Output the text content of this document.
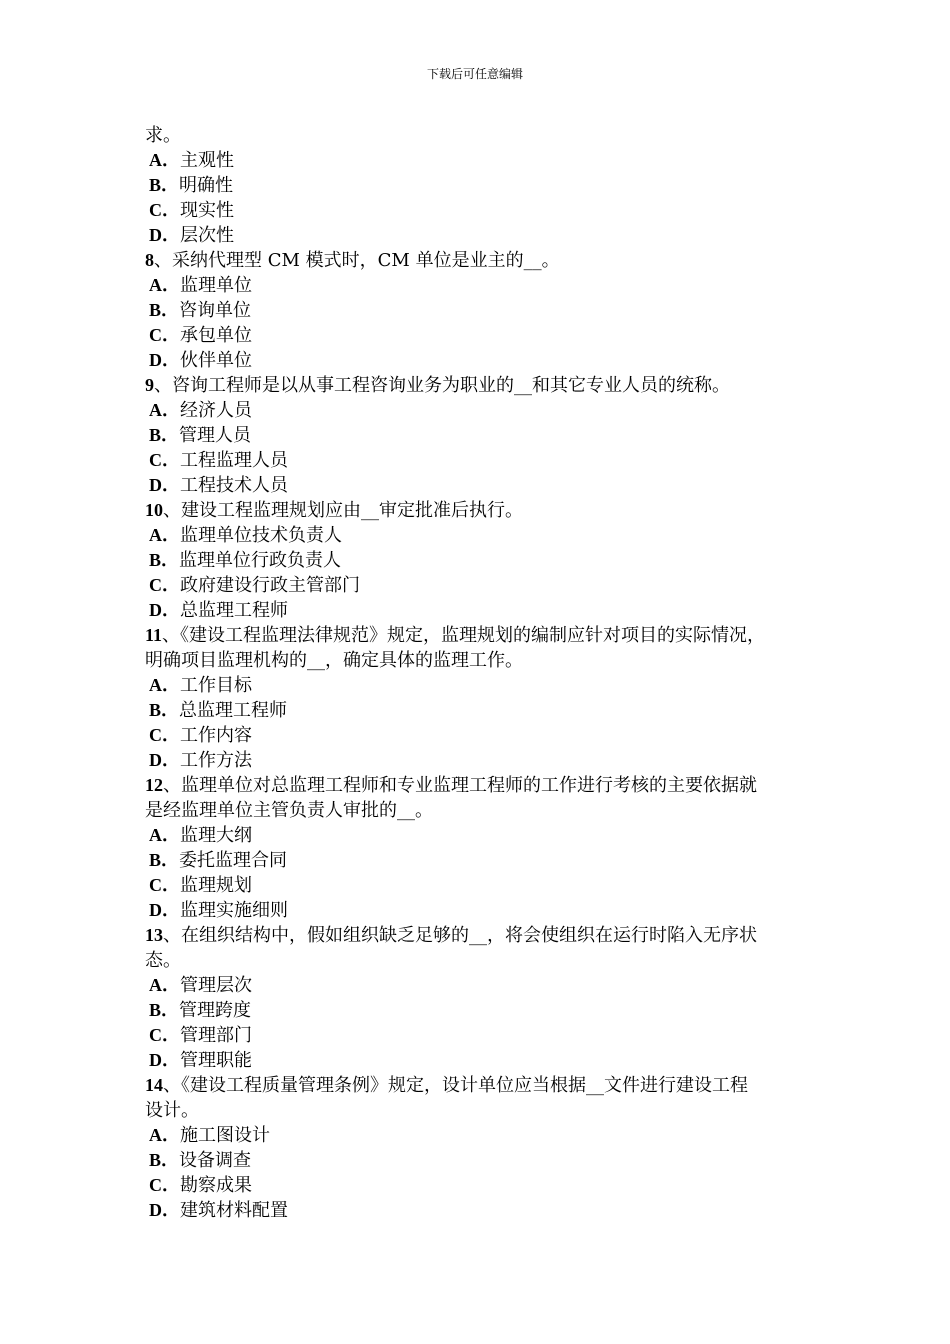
下载后可任意编辑
求。
A．主观性
B．明确性
C．现实性
D．层次性
8、采纳代理型 CM 模式时，CM 单位是业主的__。
A．监理单位
B．咨询单位
C．承包单位
D．伙伴单位
9、咨询工程师是以从事工程咨询业务为职业的__和其它专业人员的统称。
A．经济人员
B．管理人员
C．工程监理人员
D．工程技术人员
10、建设工程监理规划应由__审定批准后执行。
A．监理单位技术负责人
B．监理单位行政负责人
C．政府建设行政主管部门
D．总监理工程师
11、《建设工程监理法律规范》规定，监理规划的编制应针对项目的实际情况，
明确项目监理机构的__，确定具体的监理工作。
A．工作目标
B．总监理工程师
C．工作内容
D．工作方法
12、监理单位对总监理工程师和专业监理工程师的工作进行考核的主要依据就
是经监理单位主管负责人审批的__。
A．监理大纲
B．委托监理合同
C．监理规划
D．监理实施细则
13、在组织结构中，假如组织缺乏足够的__，将会使组织在运行时陷入无序状
态。
A．管理层次
B．管理跨度
C．管理部门
D．管理职能
14、《建设工程质量管理条例》规定，设计单位应当根据__文件进行建设工程
设计。
A．施工图设计
B．设备调查
C．勘察成果
D．建筑材料配置
